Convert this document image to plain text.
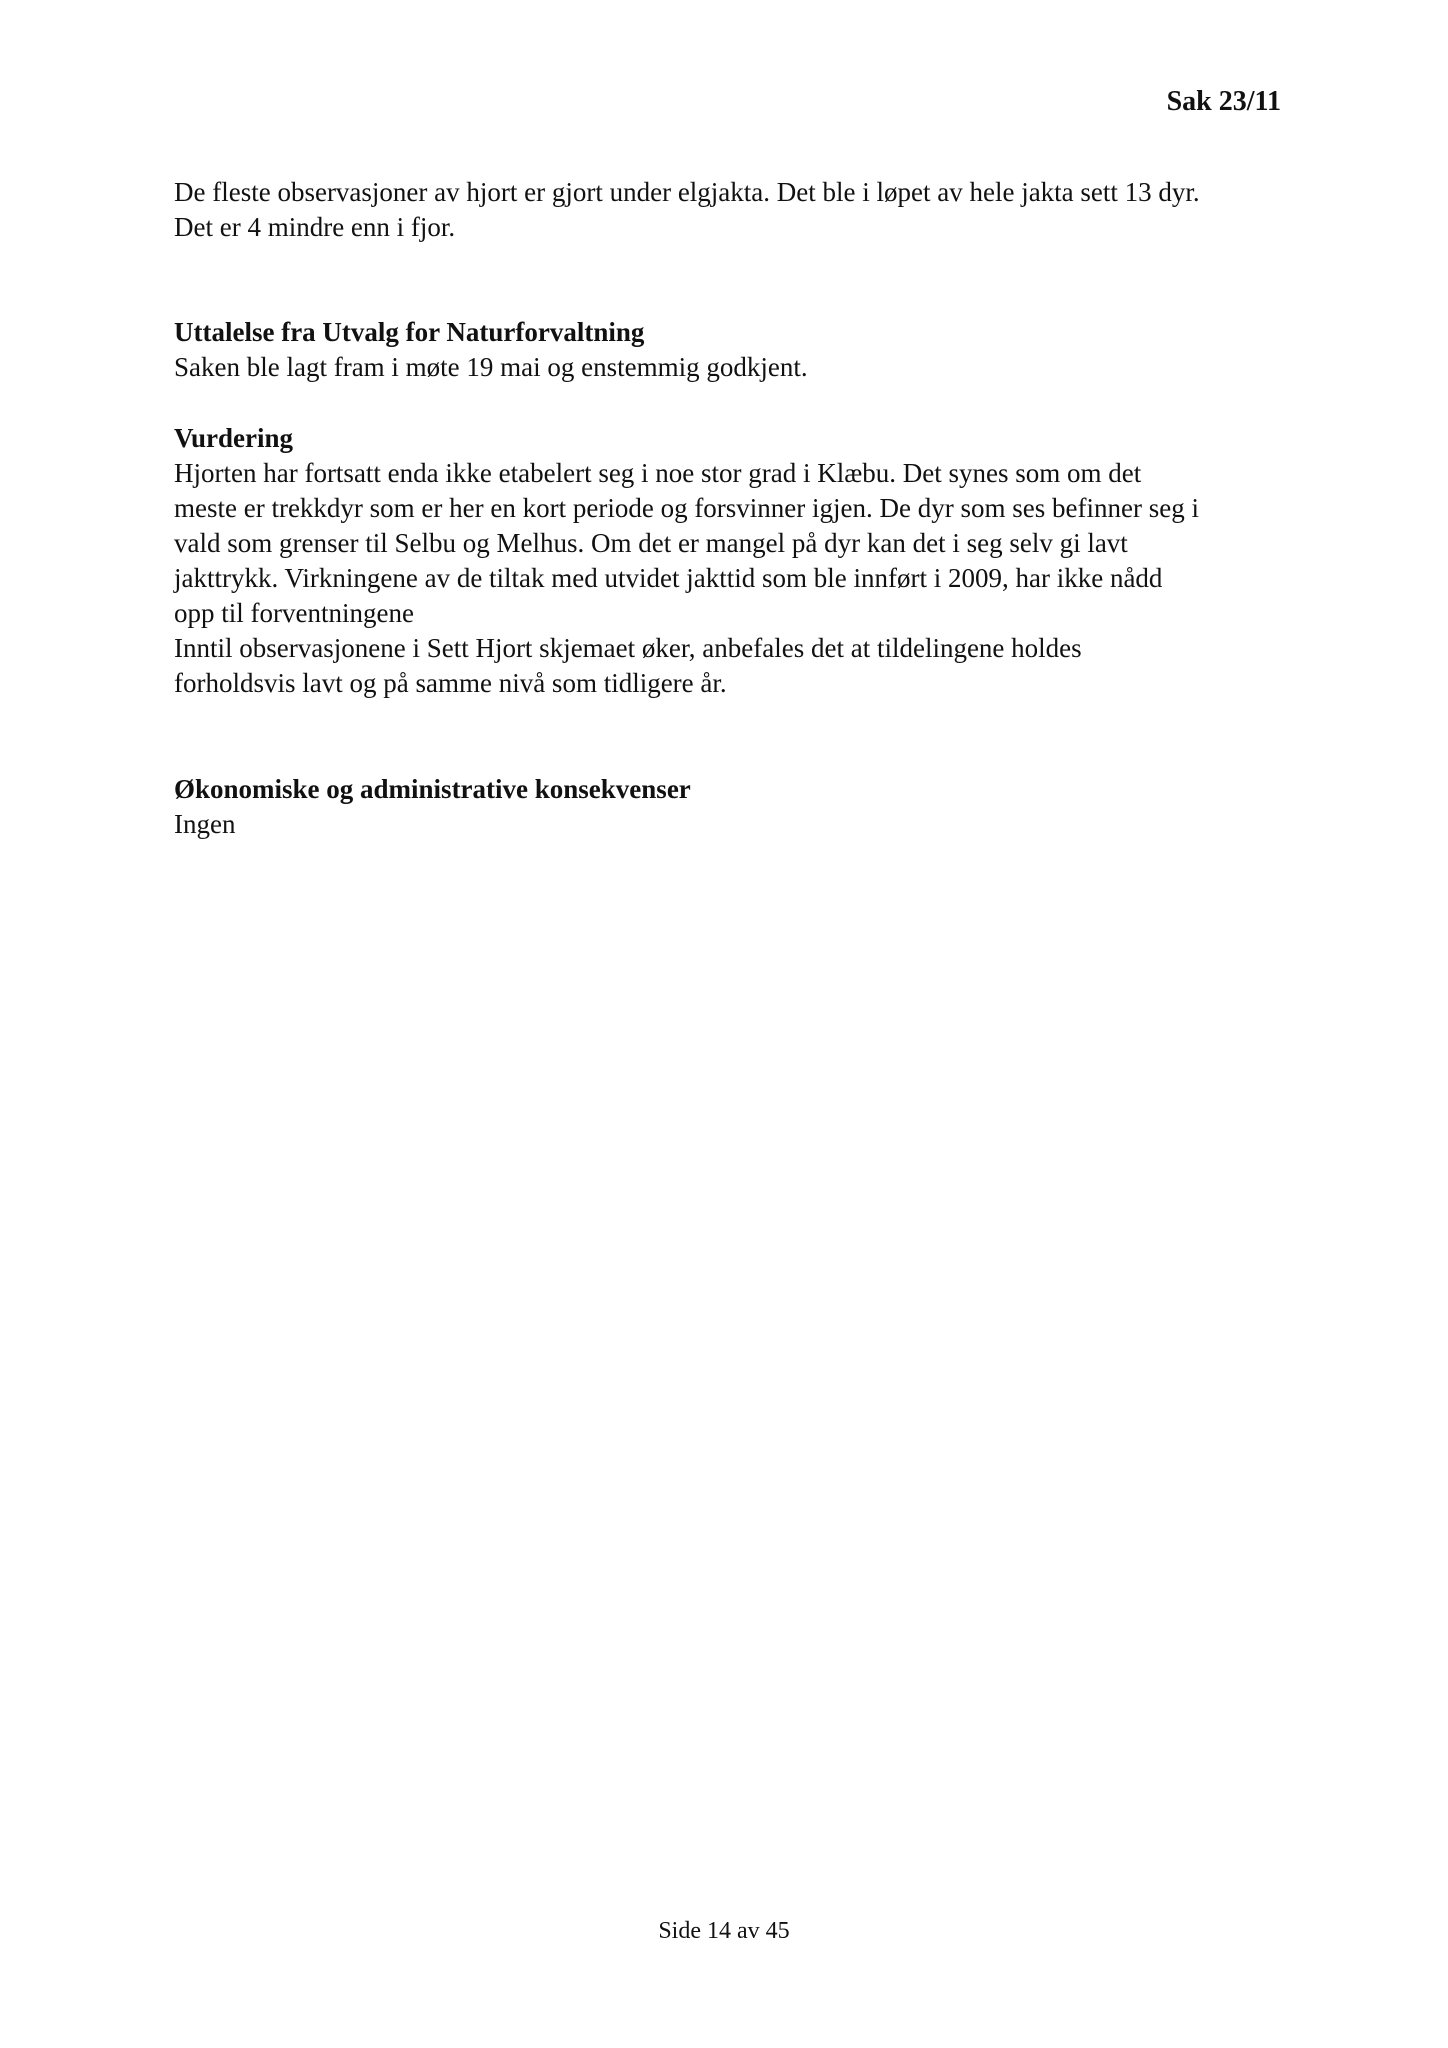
Sak 23/11
De fleste observasjoner av hjort er gjort under elgjakta. Det ble i løpet av hele jakta sett 13 dyr.
Det er 4 mindre enn i fjor.
Uttalelse fra Utvalg for Naturforvaltning
Saken ble lagt fram i møte 19 mai og enstemmig godkjent.
Vurdering
Hjorten har fortsatt enda ikke etabelert seg i noe stor grad i Klæbu. Det synes som om det
meste er trekkdyr som er her en kort periode og forsvinner igjen. De dyr som ses befinner seg i
vald som grenser til Selbu og Melhus. Om det er mangel på dyr kan det i seg selv gi lavt
jakttrykk. Virkningene av de tiltak med utvidet jakttid som ble innført i 2009, har ikke nådd
opp til forventningene
Inntil observasjonene i Sett Hjort skjemaet øker, anbefales det at tildelingene holdes
forholdsvis lavt og på samme nivå som tidligere år.
Økonomiske og administrative konsekvenser
Ingen
Side 14 av 45
